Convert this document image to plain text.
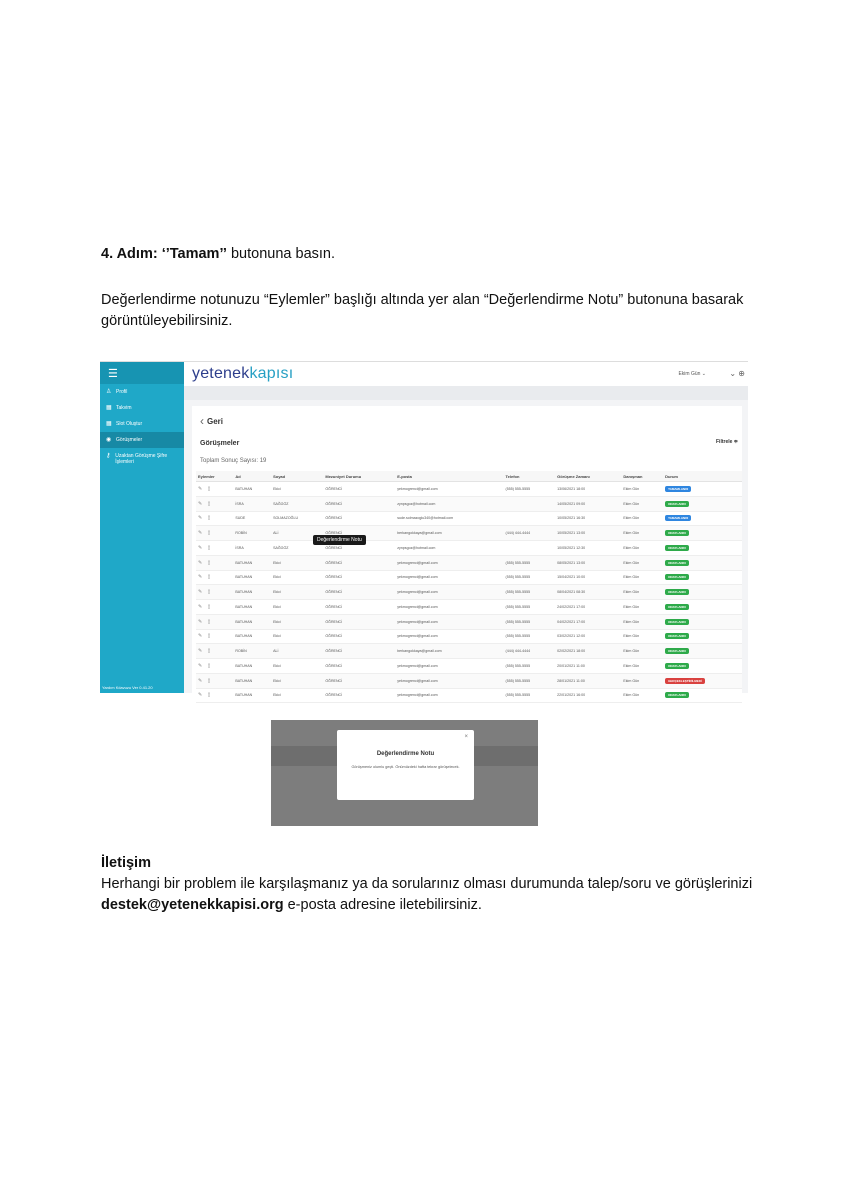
4. Adım: ‘’Tamam’’ butonuna basın.
Değerlendirme notunuzu “Eylemler” başlığı altında yer alan “Değerlendirme Notu” butonuna basarak görüntüleyebilirsiniz.
☰
♙ Profil
▦ Takvim
▦ Slot Oluştur
◉ Görüşmeler
⚷ Uzaktan Görüşme Şifre İşlemleri
Yardım Kılavuzu Ver 0.41.20
yetenekkapısı	Ekim Gün ⌄	⌄ ⊕
‹ Geri
Görüşmeler	Filtrele ≑
Toplam Sonuç Sayısı: 19
Eylemler	Ad	Soyad	Mezuniyet Durumu	E-posta	Telefon	Görüşme Zamanı	Danışman	Durum
✎ ▯	BATUHAN	Ekici	ÖĞRENCİ	yekmogrenci@gmail.com	(555) 555-5555	13/06/2021 18:00	Ekim Gün	TAMAMLANDI
✎ ▯	İSRA	SAĞGÖZ	ÖĞRENCİ	zynpsgoz@hotmail.com		14/05/2021 09:00	Ekim Gün	ONAYLANDI
✎ ▯	SUDE	SOLMAZOĞLU	ÖĞRENCİ	sude.solmazoglu340@hotmail.com		10/05/2021 16:30	Ekim Gün	TAMAMLANDI
✎ ▯	ROBİN	ALİ	ÖĞRENCİ	berkangokkaya@gmail.com	(444) 444-4444	10/05/2021 13:00	Ekim Gün	ONAYLANDI
✎ ▯	İSRA	SAĞGÖZ	ÖĞRENCİ	zynpsgoz@hotmail.com		10/05/2021 12:30	Ekim Gün	ONAYLANDI
✎ ▯	BATUHAN	Ekici	ÖĞRENCİ	yekmogrenci@gmail.com	(555) 555-5555	08/05/2021 13:00	Ekim Gün	ONAYLANDI
✎ ▯	BATUHAN	Ekici	ÖĞRENCİ	yekmogrenci@gmail.com	(555) 555-5555	15/04/2021 10:00	Ekim Gün	ONAYLANDI
✎ ▯	BATUHAN	Ekici	ÖĞRENCİ	yekmogrenci@gmail.com	(555) 555-5555	08/04/2021 08:30	Ekim Gün	ONAYLANDI
✎ ▯	BATUHAN	Ekici	ÖĞRENCİ	yekmogrenci@gmail.com	(555) 555-5555	24/02/2021 17:00	Ekim Gün	ONAYLANDI
✎ ▯	BATUHAN	Ekici	ÖĞRENCİ	yekmogrenci@gmail.com	(555) 555-5555	04/02/2021 17:00	Ekim Gün	ONAYLANDI
✎ ▯	BATUHAN	Ekici	ÖĞRENCİ	yekmogrenci@gmail.com	(555) 555-5555	03/02/2021 12:00	Ekim Gün	ONAYLANDI
✎ ▯	ROBİN	ALİ	ÖĞRENCİ	berkangokkaya@gmail.com	(444) 444-4444	02/02/2021 18:00	Ekim Gün	ONAYLANDI
✎ ▯	BATUHAN	Ekici	ÖĞRENCİ	yekmogrenci@gmail.com	(555) 555-5555	20/01/2021 11:00	Ekim Gün	ONAYLANDI
✎ ▯	BATUHAN	Ekici	ÖĞRENCİ	yekmogrenci@gmail.com	(555) 555-5555	28/01/2021 11:00	Ekim Gün	GERÇEKLEŞTİRİLMEDİ
✎ ▯	BATUHAN	Ekici	ÖĞRENCİ	yekmogrenci@gmail.com	(555) 555-5555	22/01/2021 16:00	Ekim Gün	ONAYLANDI
Değerlendirme Notu
×
Değerlendirme Notu
Görüşmeniz olumlu geçti. Önümüzdeki hafta tekrar görüşelecek.
İletişim
Herhangi bir problem ile karşılaşmanız ya da sorularınız olması durumunda talep/soru ve görüşlerinizi
destek@yetenekkapisi.org e-posta adresine iletebilirsiniz.
